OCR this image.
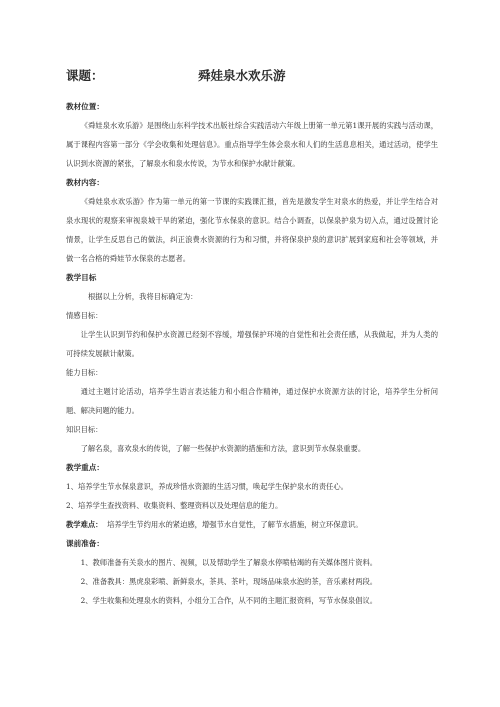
课题：	舜娃泉水欢乐游

教材位置：

《舜娃泉水欢乐游》是围绕山东科学技术出版社综合实践活动六年级上册第一单元第1课开展的实践与活动课，属于课程内容第一部分《学会收集和处理信息》。重点指导学生体会泉水和人们的生活息息相关，通过活动，使学生认识到水资源的紧张，了解泉水和泉水传说，为节水和保护水献计献策。

教材内容：

《舜娃泉水欢乐游》作为第一单元的第一节课的实践课汇报，首先是激发学生对泉水的热爱，并让学生结合对泉水现状的观察来审视泉城干旱的紧迫，强化节水保泉的意识。结合小调查，以保泉护泉为切入点，通过设置讨论情景，让学生反思自己的做法，纠正浪费水资源的行为和习惯，并将保泉护泉的意识扩展到家庭和社会等领域，并做一名合格的舜娃节水保泉的志愿者。

教学目标

根据以上分析，我将目标确定为：

情感目标：

让学生认识到节约和保护水资源已经刻不容缓，增强保护环境的自觉性和社会责任感，从我做起，并为人类的可持续发展献计献策。

能力目标：

通过主题讨论活动，培养学生语言表达能力和小组合作精神，通过保护水资源方法的讨论，培养学生分析问题、解决问题的能力。

知识目标：

了解名泉，喜欢泉水的传说，了解一些保护水资源的措施和方法，意识到节水保泉重要。

教学重点：

1、培养学生节水保泉意识，养成珍惜水资源的生活习惯，唤起学生保护泉水的责任心。

2、培养学生查找资料、收集资料、整理资料以及处理信息的能力。

教学难点： 培养学生节约用水的紧迫感，增强节水自觉性，了解节水措施，树立环保意识。

课前准备：

1、教师准备有关泉水的图片、视频，以及帮助学生了解泉水停喷枯竭的有关媒体图片资料。

2、准备教具：黑虎泉彩喷、新鲜泉水，茶具、茶叶，现场品味泉水泡的茶，音乐素材两段。

2、学生收集和处理泉水的资料，小组分工合作，从不同的主题汇报资料，写节水保泉倡议。
